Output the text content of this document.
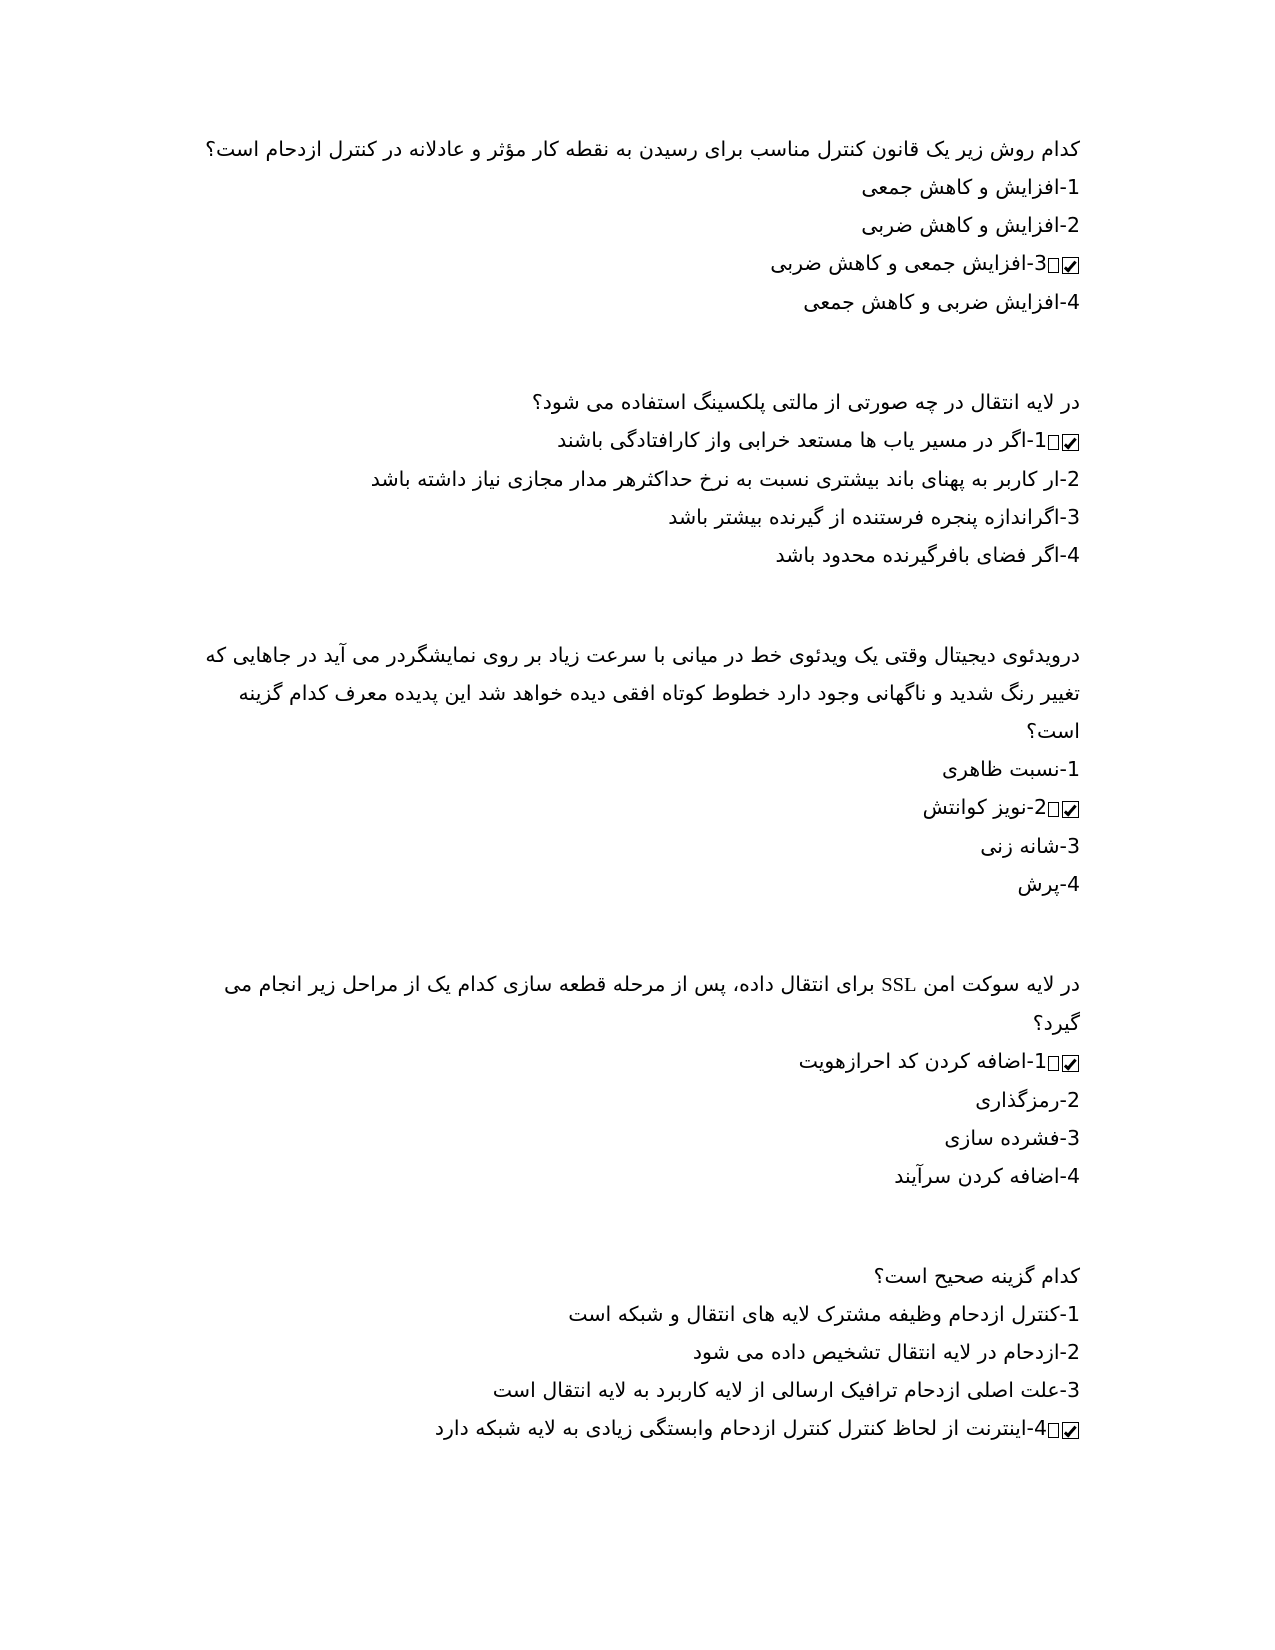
کدام روش زیر یک قانون کنترل مناسب برای رسیدن به نقطه کار مؤثر و عادلانه در کنترل ازدحام است؟
1-افزایش و کاهش جمعی
2-افزایش و کاهش ضربی
3-افزایش جمعی و کاهش ضربی
4-افزایش ضربی و کاهش جمعی
در لایه انتقال در چه صورتی از مالتی پلکسینگ استفاده می شود؟
1-اگر در مسیر یاب ها مستعد خرابی واز کارافتادگی باشند
2-ار کاربر به پهنای باند بیشتری نسبت به نرخ حداکثرهر مدار مجازی نیاز داشته باشد
3-اگراندازه پنجره فرستنده از گیرنده بیشتر باشد
4-اگر فضای بافرگیرنده محدود باشد
درویدئوی دیجیتال وقتی یک ویدئوی خط در میانی با سرعت زیاد بر روی نمایشگردر می آید در جاهایی که تغییر رنگ شدید و ناگهانی وجود دارد خطوط کوتاه افقی دیده خواهد شد این پدیده معرف کدام گزینه است؟
1-نسبت ظاهری
2-نویز کوانتش
3-شانه زنی
4-پرش
در لایه سوکت امن SSL برای انتقال داده، پس از مرحله قطعه سازی کدام یک از مراحل زیر انجام می گیرد؟
1-اضافه کردن کد احرازهویت
2-رمزگذاری
3-فشرده سازی
4-اضافه کردن سرآیند
کدام گزینه صحیح است؟
1-کنترل ازدحام وظیفه مشترک لایه های انتقال و شبکه است
2-ازدحام در لایه انتقال تشخیص داده می شود
3-علت اصلی ازدحام ترافیک ارسالی از لایه کاربرد به لایه انتقال است
4-اینترنت از لحاظ کنترل کنترل ازدحام وابستگی زیادی به لایه شبکه دارد
